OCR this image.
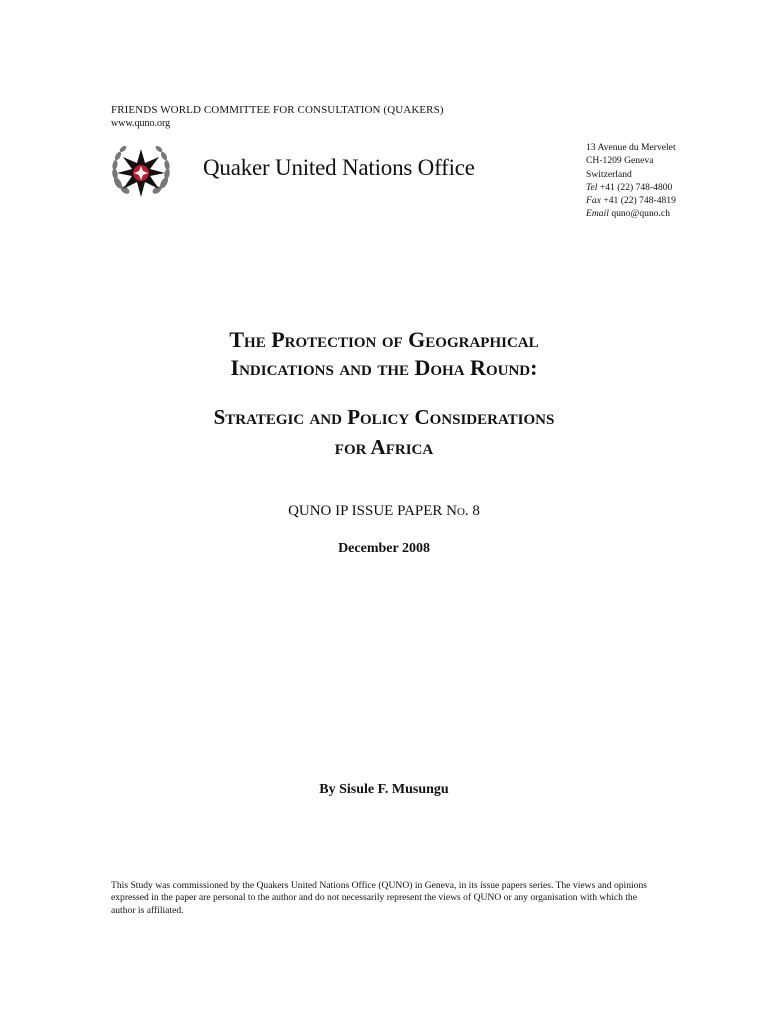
FRIENDS WORLD COMMITTEE FOR CONSULTATION (QUAKERS)
www.quno.org
Quaker United Nations Office
13 Avenue du Mervelet
CH-1209 Geneva
Switzerland
Tel +41 (22) 748-4800
Fax +41 (22) 748-4819
Email quno@quno.ch
The Protection of Geographical
Indications and the Doha Round:
Strategic and Policy Considerations
for Africa
QUNO IP ISSUE PAPER No. 8
December 2008
By Sisule F. Musungu
This Study was commissioned by the Quakers United Nations Office (QUNO) in Geneva, in its issue papers series. The views and opinions expressed in the paper are personal to the author and do not necessarily represent the views of QUNO or any organisation with which the author is affiliated.
